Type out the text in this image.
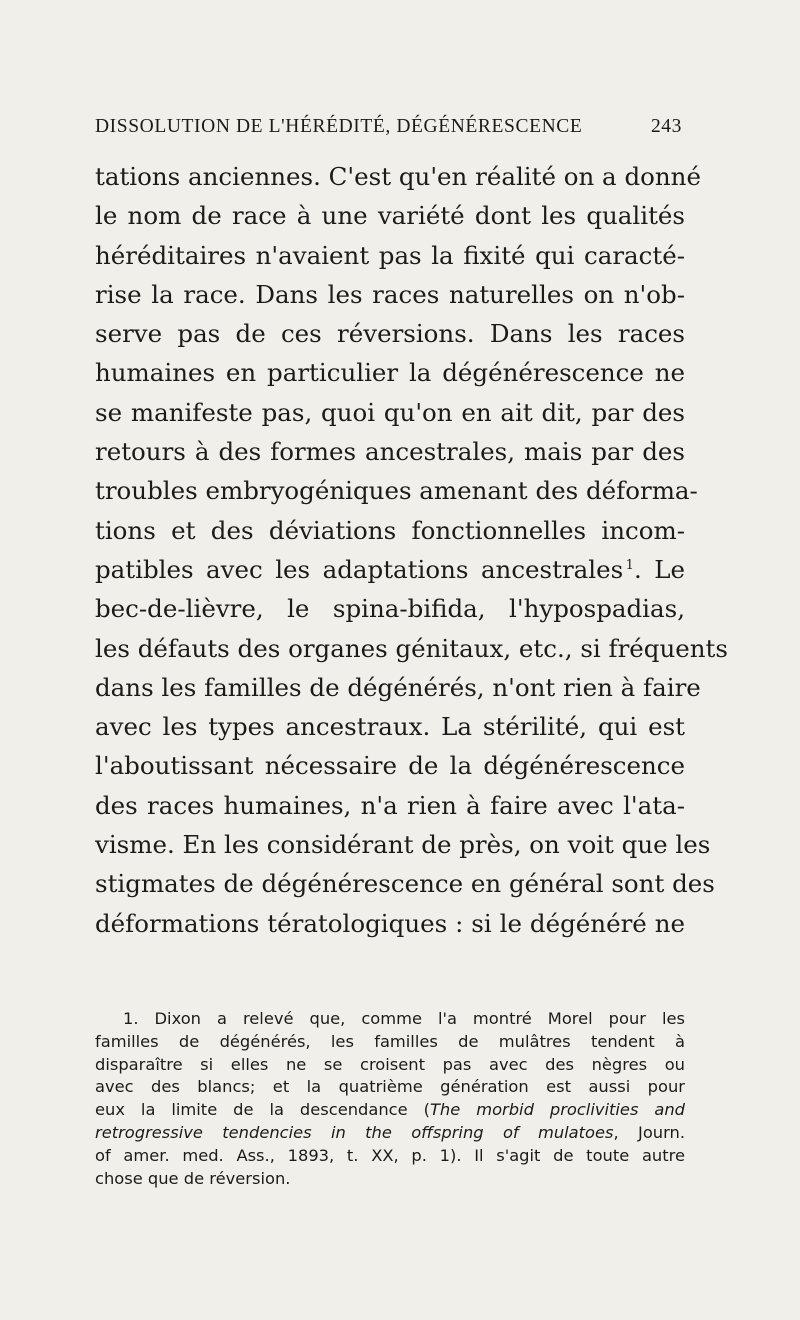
DISSOLUTION DE L'HÉRÉDITÉ, DÉGÉNÉRESCENCE	243
tations anciennes. C'est qu'en réalité on a donné
le nom de race à une variété dont les qualités
héréditaires n'avaient pas la fixité qui caracté-
rise la race. Dans les races naturelles on n'ob-
serve pas de ces réversions. Dans les races
humaines en particulier la dégénérescence ne
se manifeste pas, quoi qu'on en ait dit, par des
retours à des formes ancestrales, mais par des
troubles embryogéniques amenant des déforma-
tions et des déviations fonctionnelles incom-
patibles avec les adaptations ancestrales  $^1$. Le
bec-de-lièvre, le spina-bifida, l'hypospadias,
les défauts des organes génitaux, etc., si fréquents
dans les familles de dégénérés, n'ont rien à faire
avec les types ancestraux. La stérilité, qui est
l'aboutissant nécessaire de la dégénérescence
des races humaines, n'a rien à faire avec l'ata-
visme. En les considérant de près, on voit que les
stigmates de dégénérescence en général sont des
déformations tératologiques : si le dégénéré ne
1. Dixon a relevé que, comme l'a montré Morel pour les
familles de dégénérés, les familles de mulâtres tendent à
disparaître si elles ne se croisent pas avec des nègres ou
avec des blancs; et la quatrième génération est aussi pour
eux la limite de la descendance (The morbid proclivities and
retrogressive tendencies in the offspring of mulatoes, Journ.
of amer. med. Ass., 1893, t. XX, p. 1). Il s'agit de toute autre
chose que de réversion.
